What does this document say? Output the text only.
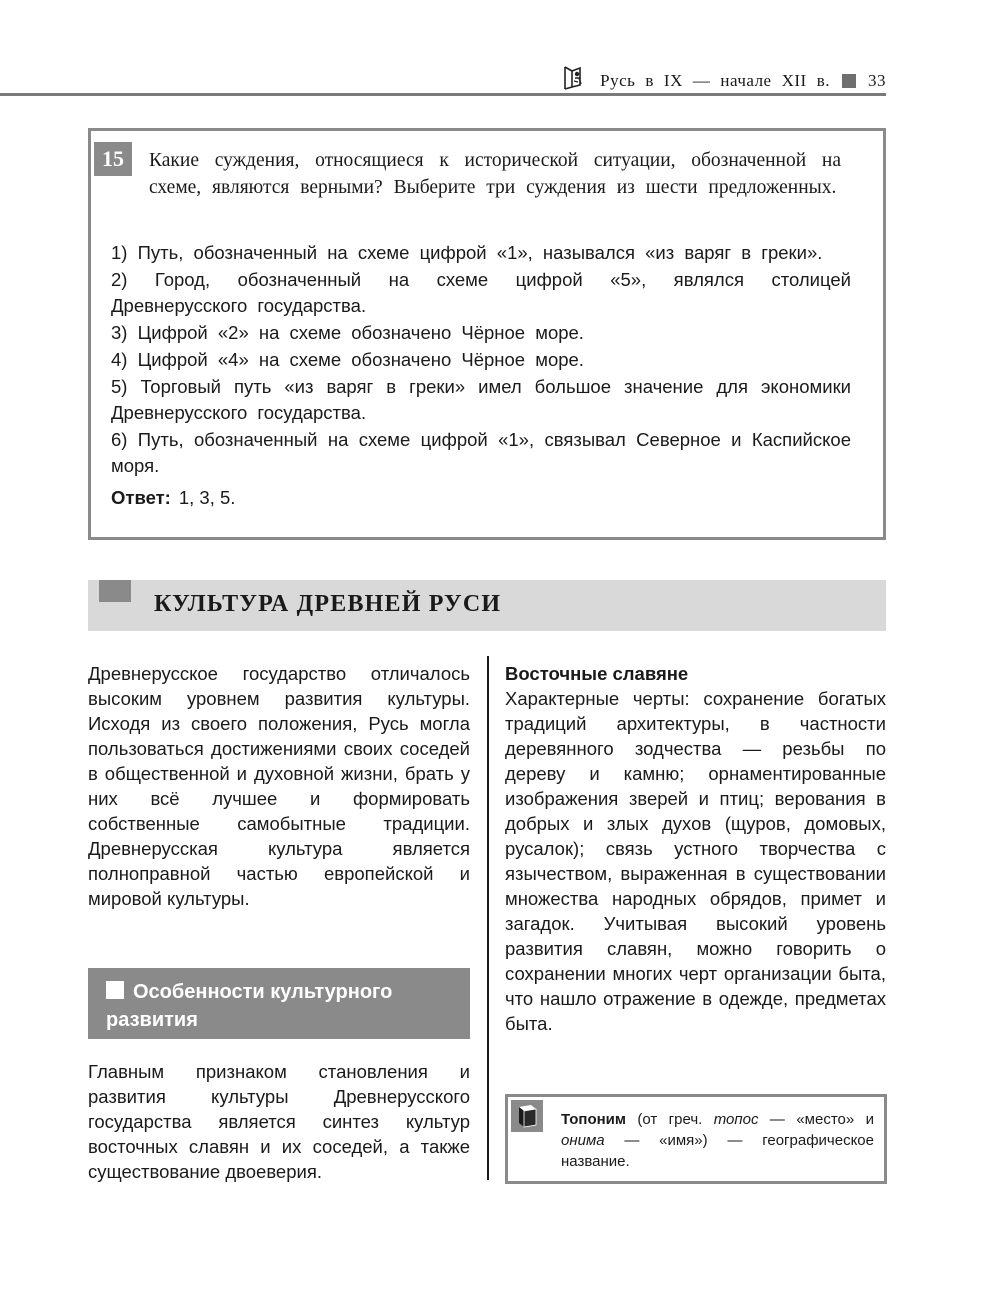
Русь в IX — начале XII в. 33
15	Какие суждения, относящиеся к исторической ситуации, обозначенной на схеме, являются верными? Выберите три суждения из шести предложенных.
1) Путь, обозначенный на схеме цифрой «1», назывался «из варяг в греки».
2) Город, обозначенный на схеме цифрой «5», являлся столицей Древнерусского государства.
3) Цифрой «2» на схеме обозначено Чёрное море.
4) Цифрой «4» на схеме обозначено Чёрное море.
5) Торговый путь «из варяг в греки» имел большое значение для экономики Древнерусского государства.
6) Путь, обозначенный на схеме цифрой «1», связывал Северное и Каспийское моря.
Ответ: 1, 3, 5.
КУЛЬТУРА ДРЕВНЕЙ РУСИ

Древнерусское государство отличалось высоким уровнем развития культуры. Исходя из своего положения, Русь могла пользоваться достижениями своих соседей в общественной и духовной жизни, брать у них всё лучшее и формировать собственные самобытные традиции. Древнерусская культура является полноправной частью европейской и мировой культуры.

Особенности культурного развития

Главным признаком становления и развития культуры Древнерусского государства является синтез культур восточных славян и их соседей, а также существование двоеверия.

Восточные славяне

Характерные черты: сохранение богатых традиций архитектуры, в частности деревянного зодчества — резьбы по дереву и камню; орнаментированные изображения зверей и птиц; верования в добрых и злых духов (щуров, домовых, русалок); связь устного творчества с язычеством, выраженная в существовании множества народных обрядов, примет и загадок. Учитывая высокий уровень развития славян, можно говорить о сохранении многих черт организации быта, что нашло отражение в одежде, предметах быта.

Топоним (от греч. топос — «место» и онима — «имя») — географическое название.
